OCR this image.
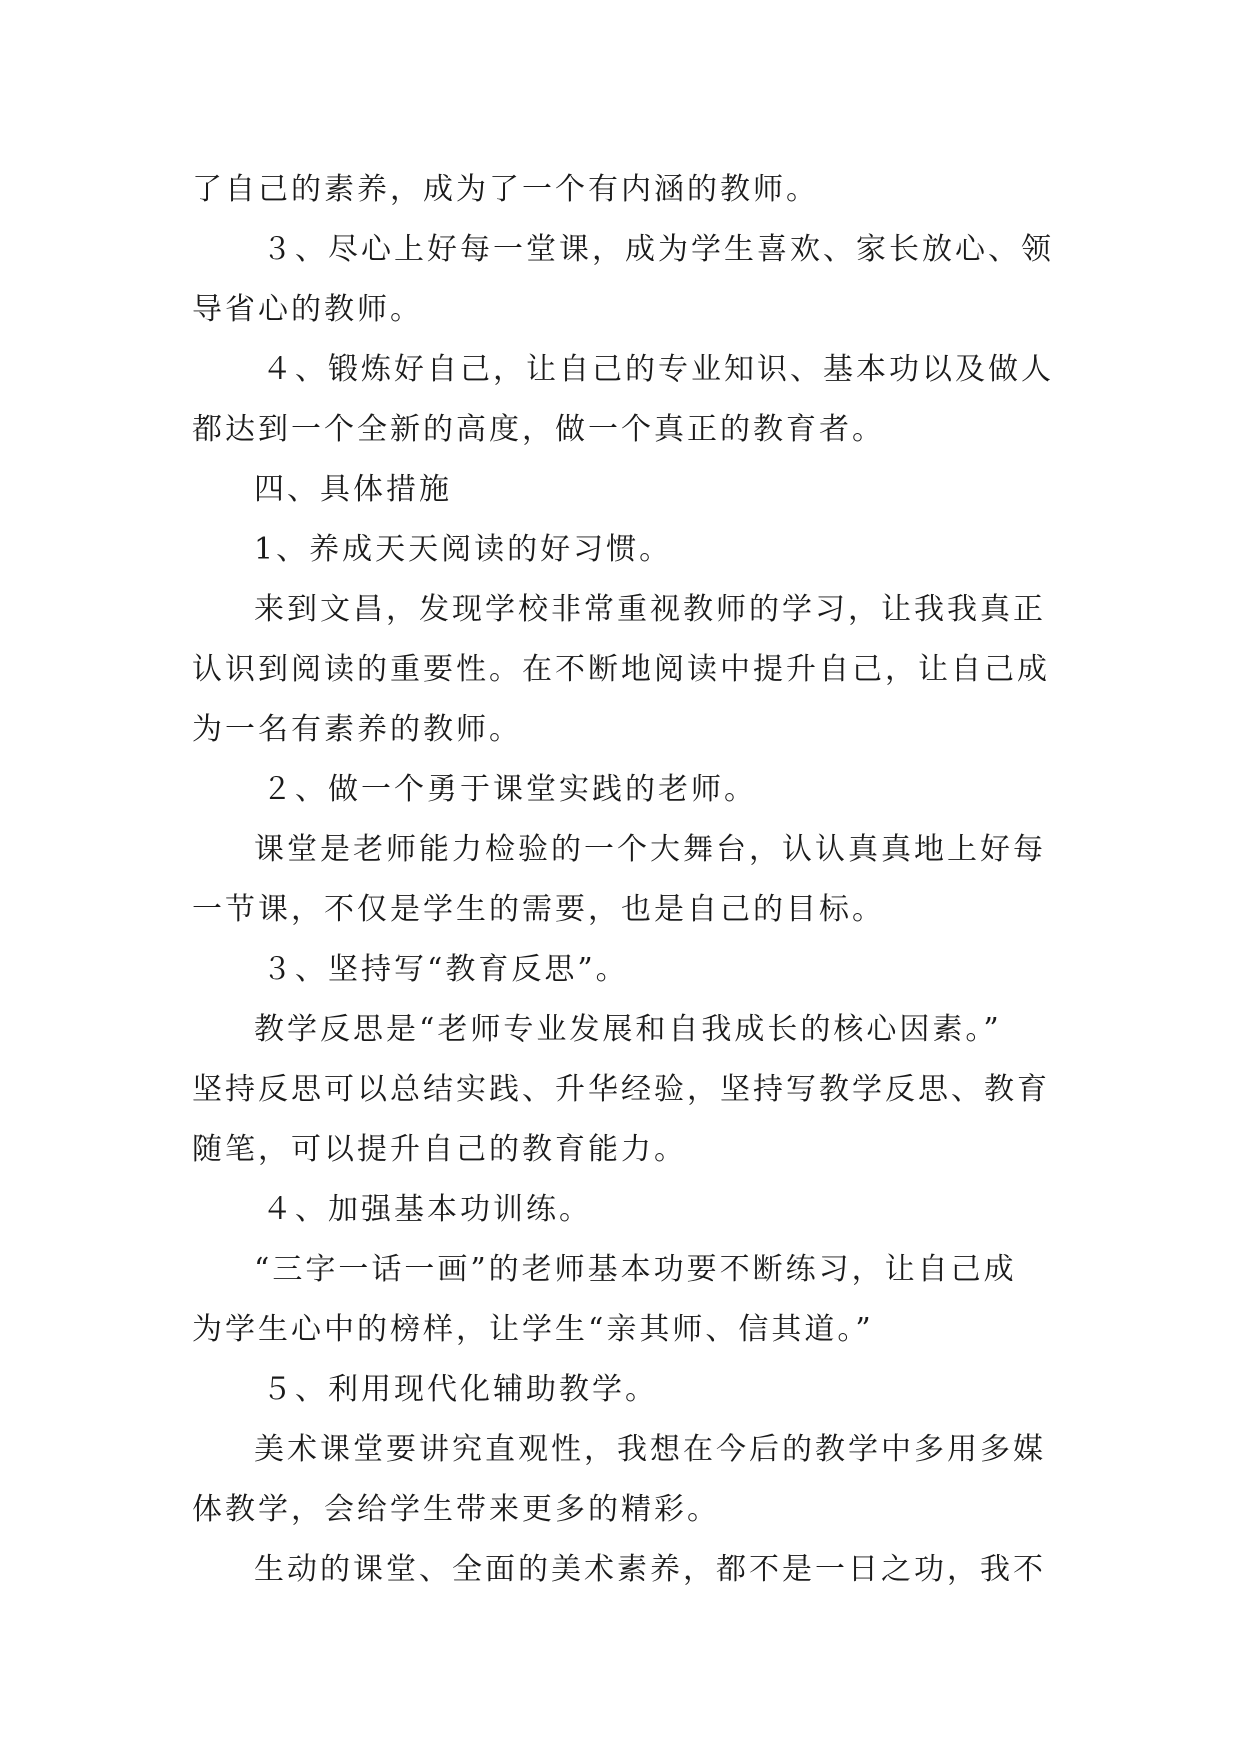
了自己的素养，成为了一个有内涵的教师。
３、尽心上好每一堂课，成为学生喜欢、家长放心、领
导省心的教师。
４、锻炼好自己，让自己的专业知识、基本功以及做人
都达到一个全新的高度，做一个真正的教育者。
四、具体措施
1、养成天天阅读的好习惯。
来到文昌，发现学校非常重视教师的学习，让我我真正
认识到阅读的重要性。在不断地阅读中提升自己，让自己成
为一名有素养的教师。
２、做一个勇于课堂实践的老师。
课堂是老师能力检验的一个大舞台，认认真真地上好每
一节课，不仅是学生的需要，也是自己的目标。
３、坚持写“教育反思”。
教学反思是“老师专业发展和自我成长的核心因素。”
坚持反思可以总结实践、升华经验，坚持写教学反思、教育
随笔，可以提升自己的教育能力。
４、加强基本功训练。
“三字一话一画”的老师基本功要不断练习，让自己成
为学生心中的榜样，让学生“亲其师、信其道。”
５、利用现代化辅助教学。
美术课堂要讲究直观性，我想在今后的教学中多用多媒
体教学，会给学生带来更多的精彩。
生动的课堂、全面的美术素养，都不是一日之功，我不
